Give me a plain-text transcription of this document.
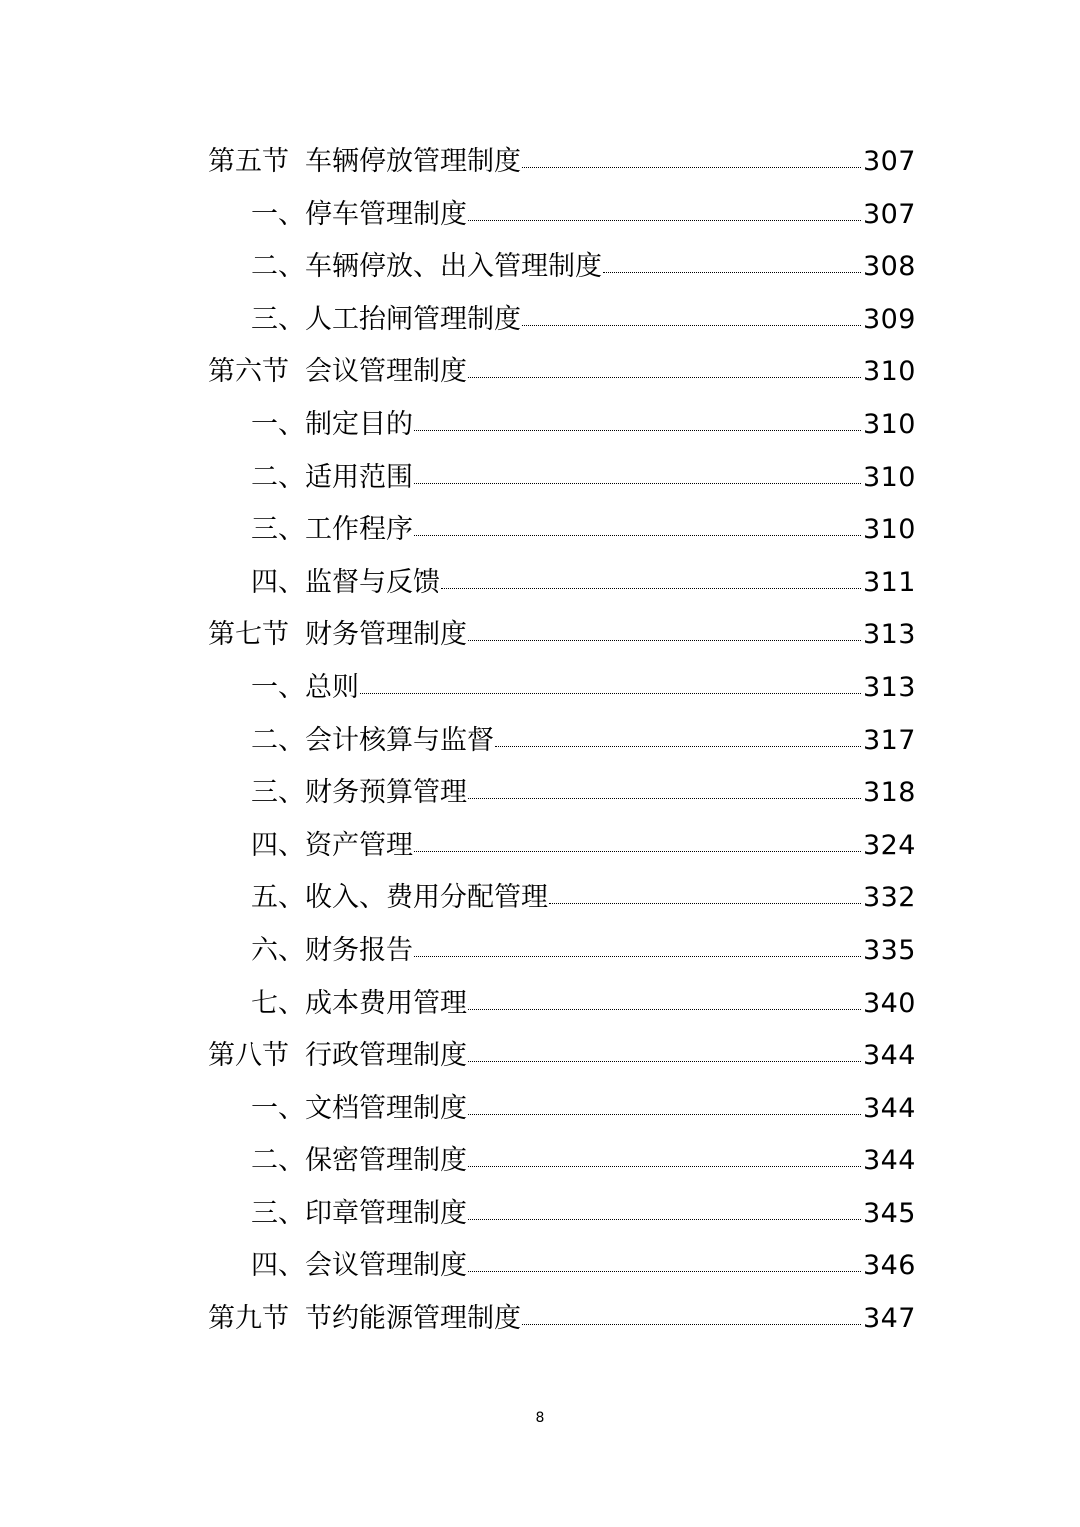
第五节 车辆停放管理制度	307
一、停车管理制度	307
二、车辆停放、出入管理制度	308
三、人工抬闸管理制度	309
第六节 会议管理制度	310
一、制定目的	310
二、适用范围	310
三、工作程序	310
四、监督与反馈	311
第七节 财务管理制度	313
一、总则	313
二、会计核算与监督	317
三、财务预算管理	318
四、资产管理	324
五、收入、费用分配管理	332
六、财务报告	335
七、成本费用管理	340
第八节 行政管理制度	344
一、文档管理制度	344
二、保密管理制度	344
三、印章管理制度	345
四、会议管理制度	346
第九节 节约能源管理制度	347
8
